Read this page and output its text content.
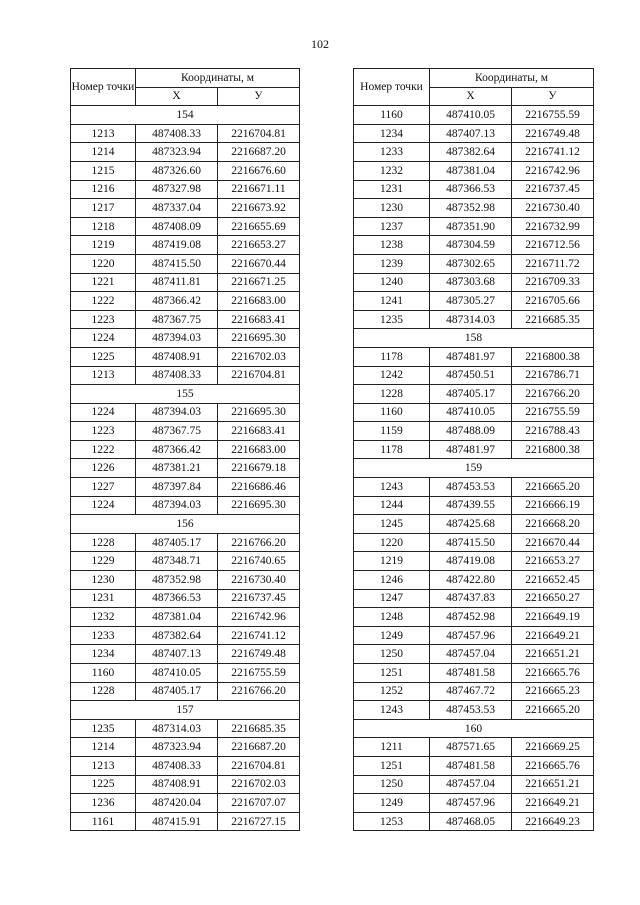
102
Номер точки	Координаты, м	
	X	У
154		
1213	487408.33	2216704.81
1214	487323.94	2216687.20
1215	487326.60	2216676.60
1216	487327.98	2216671.11
1217	487337.04	2216673.92
1218	487408.09	2216655.69
1219	487419.08	2216653.27
1220	487415.50	2216670.44
1221	487411.81	2216671.25
1222	487366.42	2216683.00
1223	487367.75	2216683.41
1224	487394.03	2216695.30
1225	487408.91	2216702.03
1213	487408.33	2216704.81
155		
1224	487394.03	2216695.30
1223	487367.75	2216683.41
1222	487366.42	2216683.00
1226	487381.21	2216679.18
1227	487397.84	2216686.46
1224	487394.03	2216695.30
156		
1228	487405.17	2216766.20
1229	487348.71	2216740.65
1230	487352.98	2216730.40
1231	487366.53	2216737.45
1232	487381.04	2216742.96
1233	487382.64	2216741.12
1234	487407.13	2216749.48
1160	487410.05	2216755.59
1228	487405.17	2216766.20
157		
1235	487314.03	2216685.35
1214	487323.94	2216687.20
1213	487408.33	2216704.81
1225	487408.91	2216702.03
1236	487420.04	2216707.07
1161	487415.91	2216727.15
Номер точки	Координаты, м	
	X	У
1160	487410.05	2216755.59
1234	487407.13	2216749.48
1233	487382.64	2216741.12
1232	487381.04	2216742.96
1231	487366.53	2216737.45
1230	487352.98	2216730.40
1237	487351.90	2216732.99
1238	487304.59	2216712.56
1239	487302.65	2216711.72
1240	487303.68	2216709.33
1241	487305.27	2216705.66
1235	487314.03	2216685.35
158		
1178	487481.97	2216800.38
1242	487450.51	2216786.71
1228	487405.17	2216766.20
1160	487410.05	2216755.59
1159	487488.09	2216788.43
1178	487481.97	2216800.38
159		
1243	487453.53	2216665.20
1244	487439.55	2216666.19
1245	487425.68	2216668.20
1220	487415.50	2216670.44
1219	487419.08	2216653.27
1246	487422.80	2216652.45
1247	487437.83	2216650.27
1248	487452.98	2216649.19
1249	487457.96	2216649.21
1250	487457.04	2216651.21
1251	487481.58	2216665.76
1252	487467.72	2216665.23
1243	487453.53	2216665.20
160		
1211	487571.65	2216669.25
1251	487481.58	2216665.76
1250	487457.04	2216651.21
1249	487457.96	2216649.21
1253	487468.05	2216649.23
